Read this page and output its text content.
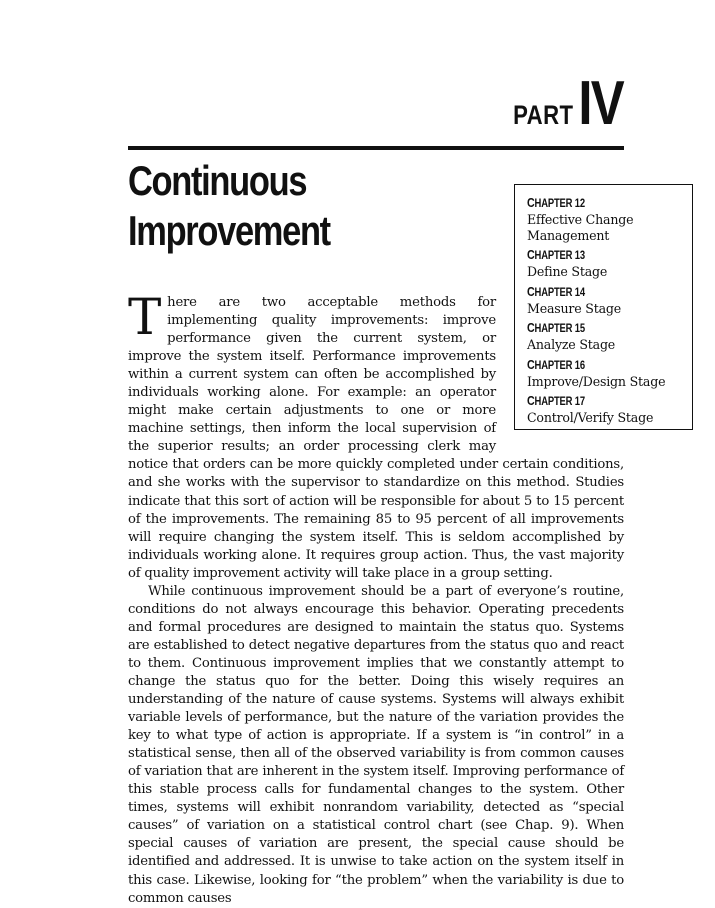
PART IV
Continuous
Improvement
CHAPTER 12
Effective Change
Management
CHAPTER 13
Define Stage
CHAPTER 14
Measure Stage
CHAPTER 15
Analyze Stage
CHAPTER 16
Improve/Design Stage
CHAPTER 17
Control/Verify Stage

There are two acceptable methods for implementing quality improvements: improve performance given the current system, or improve the system itself. Performance improvements within a current system can often be accomplished by individuals working alone. For example: an operator might make certain adjustments to one or more machine settings, then inform the local supervision of the superior results; an order processing clerk may notice that orders can be more quickly completed under certain conditions, and she works with the supervisor to standardize on this method. Studies indicate that this sort of action will be responsible for about 5 to 15 percent of the improvements. The remaining 85 to 95 percent of all improvements will require changing the system itself. This is seldom accomplished by individuals working alone. It requires group action. Thus, the vast majority of quality improvement activity will take place in a group setting.

While continuous improvement should be a part of everyone’s routine, conditions do not always encourage this behavior. Operating precedents and formal procedures are designed to maintain the status quo. Systems are established to detect negative departures from the status quo and react to them. Continuous improvement implies that we constantly attempt to change the status quo for the better. Doing this wisely requires an understanding of the nature of cause systems. Systems will always exhibit variable levels of performance, but the nature of the variation provides the key to what type of action is appropriate. If a system is “in control” in a statistical sense, then all of the observed variability is from common causes of variation that are inherent in the system itself. Improving performance of this stable process calls for fundamental changes to the system. Other times, systems will exhibit nonrandom variability, detected as “special causes” of variation on a statistical control chart (see Chap. 9). When special causes of variation are present, the special cause should be identified and addressed. It is unwise to take action on the system itself in this case. Likewise, looking for “the problem” when the variability is due to common causes
